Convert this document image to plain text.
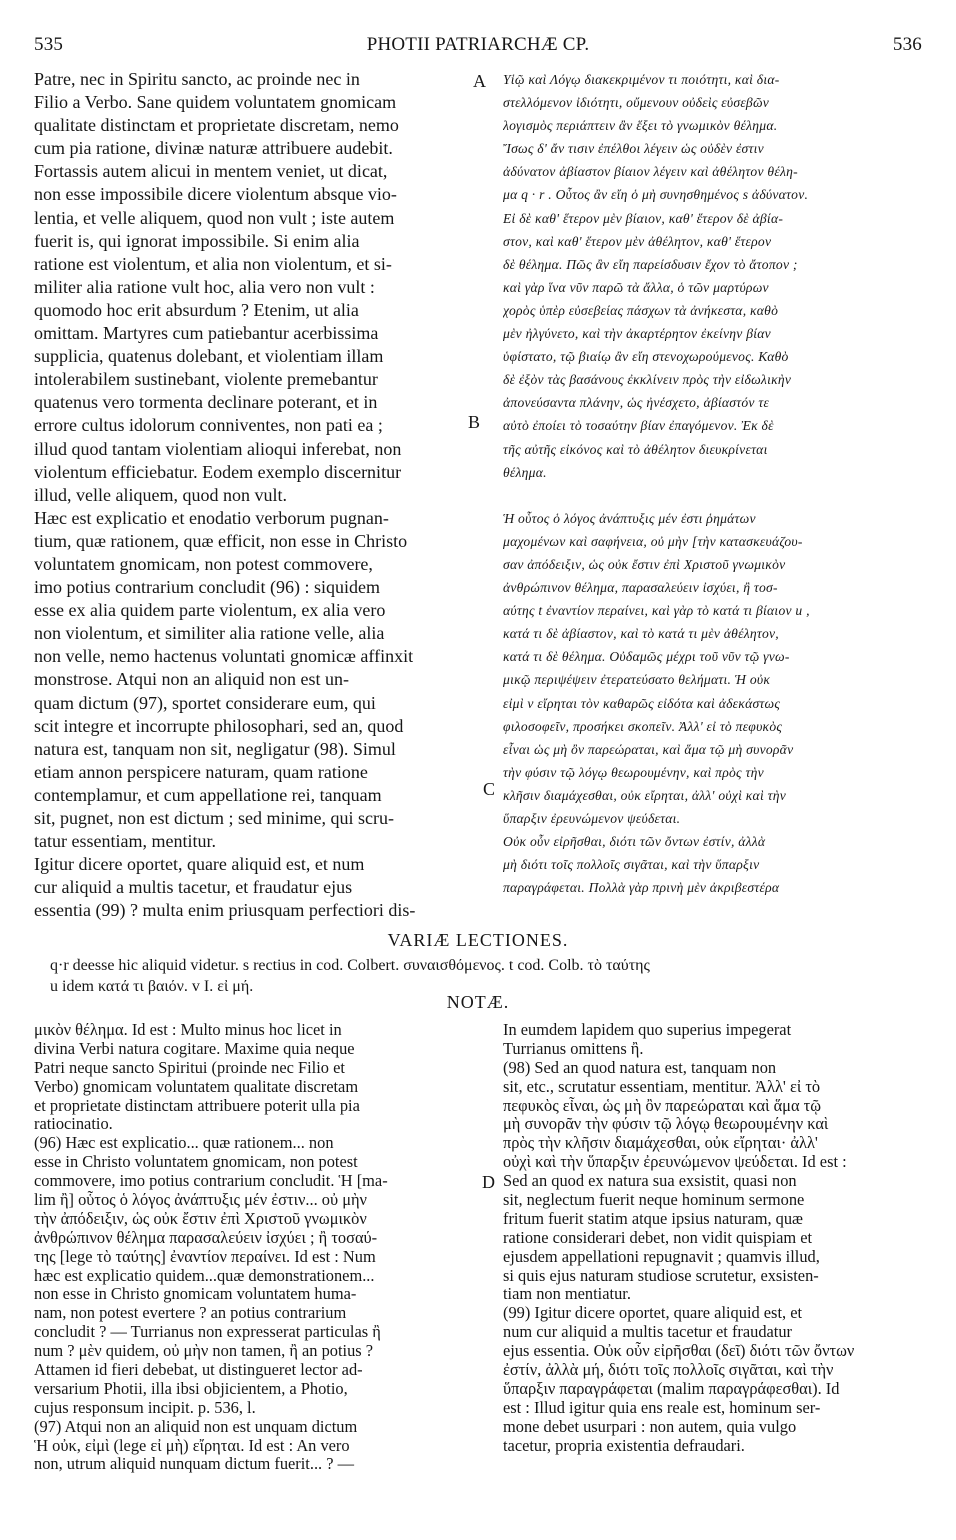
535	PHOTII PATRIARCHÆ CP.	536
Patre, nec in Spiritu sancto, ac proinde nec in
Filio a Verbo. Sane quidem voluntatem gnomicam
qualitate distinctam et proprietate discretam, nemo
cum pia ratione, divinæ naturæ attribuere audebit.
Fortassis autem alicui in mentem veniet, ut dicat,
non esse impossibile dicere violentum absque vio-
lentia, et velle aliquem, quod non vult ; iste autem
fuerit is, qui ignorat impossibile. Si enim alia
ratione est violentum, et alia non violentum, et si-
militer alia ratione vult hoc, alia vero non vult :
quomodo hoc erit absurdum ? Etenim, ut alia
omittam. Martyres cum patiebantur acerbissima
supplicia, quatenus dolebant, et violentiam illam
intolerabilem sustinebant, violente premebantur
quatenus vero tormenta declinare poterant, et in
errore cultus idolorum conniventes, non pati ea ;
illud quod tantam violentiam alioqui inferebat, non
violentum efficiebatur. Eodem exemplo discernitur
illud, velle aliquem, quod non vult.
Hæc est explicatio et enodatio verborum pugnan-
tium, quæ rationem, quæ efficit, non esse in Christo
voluntatem gnomicam, non potest commovere,
imo potius contrarium concludit (96) : siquidem
esse ex alia quidem parte violentum, ex alia vero
non violentum, et similiter alia ratione velle, alia
non velle, nemo hactenus voluntati gnomicæ affinxit
monstrose. Atqui non an aliquid non est un-
quam dictum (97), sportet considerare eum, qui
scit integre et incorrupte philosophari, sed an, quod
natura est, tanquam non sit, negligatur (98). Simul
etiam annon perspicere naturam, quam ratione
contemplamur, et cum appellatione rei, tanquam
sit, pugnet, non est dictum ; sed minime, qui scru-
tatur essentiam, mentitur.
Igitur dicere oportet, quare aliquid est, et num
cur aliquid a multis tacetur, et fraudatur ejus
essentia (99) ? multa enim priusquam perfectiori dis-
Υἱῷ καὶ Λόγῳ διακεκριμένον τι ποιότητι, καὶ δια-
στελλόμενον ἰδιότητι, οὔμενουν οὐδεὶς εὐσεβῶν
λογισμὸς περιάπτειν ἂν ἕξει τὸ γνωμικὸν θέλημα.
Ἴσως δ' ἄν τισιν ἐπέλθοι λέγειν ὡς οὐδὲν ἐστιν
ἀδύνατον ἀβίαστον βίαιον λέγειν καὶ ἀθέλητον θέλη-
μα q · r . Οὗτος ἂν εἴη ὁ μὴ συνησθημένος s ἀδύνατον.
Εἰ δὲ καθ' ἕτερον μὲν βίαιον, καθ' ἕτερον δὲ ἀβία-
στον, καὶ καθ' ἕτερον μὲν ἀθέλητον, καθ' ἕτερον
δὲ θέλημα. Πῶς ἂν εἴη παρείσδυσιν ἔχον τὸ ἄτοπον ;
καὶ γὰρ ἵνα νῦν παρῶ τὰ ἄλλα, ὁ τῶν μαρτύρων
χορὸς ὑπὲρ εὐσεβείας πάσχων τὰ ἀνήκεστα, καθὸ
μὲν ἠλγύνετο, καὶ τὴν ἀκαρτέρητον ἐκείνην βίαν
ὑφίστατο, τῷ βιαίῳ ἂν εἴη στενοχωρούμενος. Καθὸ
δὲ ἐξὸν τὰς βασάνους ἐκκλίνειν πρὸς τὴν εἰδωλικὴν
ἀπονεύσαντα πλάνην, ὡς ἠνέσχετο, ἀβίαστόν τε
αὐτὸ ἐποίει τὸ τοσαύτην βίαν ἐπαγόμενον. Ἐκ δὲ
τῆς αὐτῆς εἰκόνος καὶ τὸ ἀθέλητον διευκρίνεται
θέλημα.
Ἡ οὗτος ὁ λόγος ἀνάπτυξις μέν ἐστι ῥημάτων
μαχομένων καὶ σαφήνεια, οὐ μὴν [τὴν κατασκευάζου-
σαν ἀπόδειξιν, ὡς οὐκ ἔστιν ἐπὶ Χριστοῦ γνωμικὸν
ἀνθρώπινον θέλημα, παρασαλεύειν ἰσχύει, ἢ τοσ-
αύτης t ἐναντίον περαίνει, καὶ γὰρ τὸ κατά τι βίαιον u ,
κατά τι δὲ ἀβίαστον, καὶ τὸ κατά τι μὲν ἀθέλητον,
κατά τι δὲ θέλημα. Οὐδαμῶς μέχρι τοῦ νῦν τῷ γνω-
μικῷ περιψέψειν ἐτερατεύσατο θελήματι. Ἡ οὐκ
εἰμὶ v εἴρηται τὸν καθαρῶς εἰδότα καὶ ἀδεκάστως
φιλοσοφεῖν, προσήκει σκοπεῖν. Ἀλλ' εἰ τὸ πεφυκὸς
εἶναι ὡς μὴ ὂν παρεώραται, καὶ ἅμα τῷ μὴ συνορᾶν
τὴν φύσιν τῷ λόγῳ θεωρουμένην, καὶ πρὸς τὴν
κλῆσιν διαμάχεσθαι, οὐκ εἴρηται, ἀλλ' οὐχὶ καὶ τὴν
ὕπαρξιν ἐρευνώμενον ψεύδεται.
Οὐκ οὖν εἰρῆσθαι, διότι τῶν ὄντων ἐστίν, ἀλλὰ
μὴ διότι τοῖς πολλοῖς σιγᾶται, καὶ τὴν ὕπαρξιν
παραγράφεται. Πολλὰ γὰρ πρινὴ μὲν ἀκριβεστέρα
A
B
C
D
VARIÆ LECTIONES.
q·r deesse hic aliquid videtur. s rectius in cod. Colbert. συναισθόμενος. t cod. Colb. τὸ ταύτης
u idem κατά τι βαιόν. v I. εἰ μή.
NOTÆ.
μικὸν θέλημα. Id est : Multo minus hoc licet in
divina Verbi natura cogitare. Maxime quia neque
Patri neque sancto Spiritui (proinde nec Filio et
Verbo) gnomicam voluntatem qualitate discretam
et proprietate distinctam attribuere poterit ulla pia
ratiocinatio.
(96) Hæc est explicatio... quæ rationem... non
esse in Christo voluntatem gnomicam, non potest
commovere, imo potius contrarium concludit. Ἡ [ma-
lim ἢ] οὗτος ὁ λόγος ἀνάπτυξις μέν ἐστιν... οὐ μὴν
τὴν ἀπόδειξιν, ὡς οὐκ ἔστιν ἐπὶ Χριστοῦ γνωμικὸν
ἀνθρώπινον θέλημα παρασαλεύειν ἰσχύει ; ἢ τοσαύ-
της [lege τὸ ταύτης] ἐναντίον περαίνει. Id est : Num
hæc est explicatio quidem...quæ demonstrationem...
non esse in Christo gnomicam voluntatem huma-
nam, non potest evertere ? an potius contrarium
concludit ? — Turrianus non expresserat particulas ἢ
num ? μὲν quidem, οὐ μὴν non tamen, ἢ an potius ?
Attamen id fieri debebat, ut distingueret lector ad-
versarium Photii, illa ibsi objicientem, a Photio,
cujus responsum incipit. p. 536, l.
(97) Atqui non an aliquid non est unquam dictum
Ἡ οὐκ, εἰμὶ (lege εἰ μὴ) εἴρηται. Id est : An vero
non, utrum aliquid nunquam dictum fuerit... ? —
In eumdem lapidem quo superius impegerat
Turrianus omittens ἢ.
(98) Sed an quod natura est, tanquam non
sit, etc., scrutatur essentiam, mentitur. Ἀλλ' εἰ τὸ
πεφυκὸς εἶναι, ὡς μὴ ὂν παρεώραται καὶ ἅμα τῷ
μὴ συνορᾶν τὴν φύσιν τῷ λόγῳ θεωρουμένην καὶ
πρὸς τὴν κλῆσιν διαμάχεσθαι, οὐκ εἴρηται· ἀλλ'
οὐχὶ καὶ τὴν ὕπαρξιν ἐρευνώμενον ψεύδεται. Id est :
Sed an quod ex natura sua exsistit, quasi non
sit, neglectum fuerit neque hominum sermone
fritum fuerit statim atque ipsius naturam, quæ
ratione considerari debet, non vidit quispiam et
ejusdem appellationi repugnavit ; quamvis illud,
si quis ejus naturam studiose scrutetur, exsisten-
tiam non mentiatur.
(99) Igitur dicere oportet, quare aliquid est, et
num cur aliquid a multis tacetur et fraudatur
ejus essentia. Οὐκ οὖν εἰρῆσθαι (δεῖ) διότι τῶν ὄντων
ἐστίν, ἀλλὰ μή, διότι τοῖς πολλοῖς σιγᾶται, καὶ τὴν
ὕπαρξιν παραγράφεται (malim παραγράφεσθαι). Id
est : Illud igitur quia ens reale est, hominum ser-
mone debet usurpari : non autem, quia vulgo
tacetur, propria existentia defraudari.
